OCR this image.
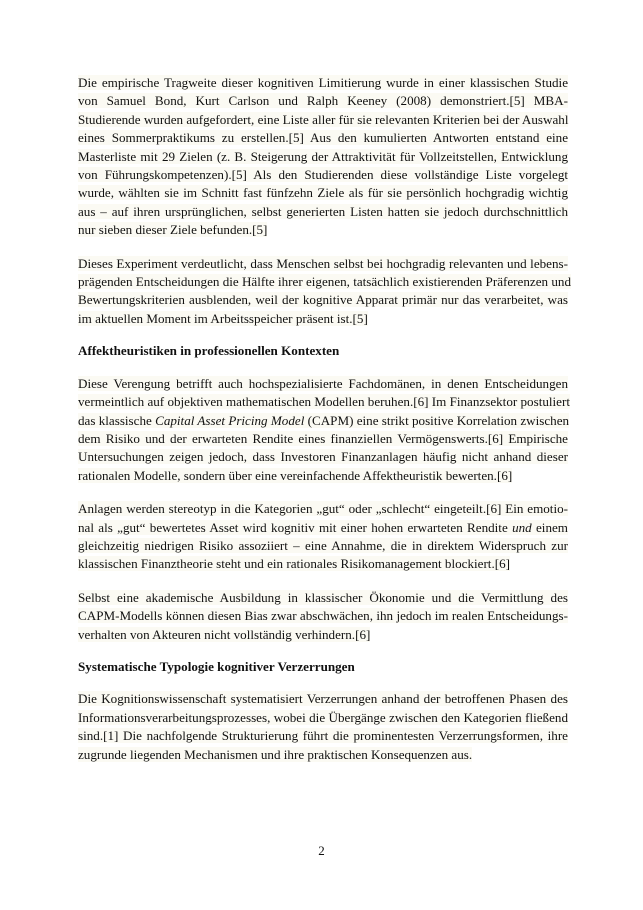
Die empirische Tragweite dieser kognitiven Limitierung wurde in einer klassischen Studie
von Samuel Bond, Kurt Carlson und Ralph Keeney (2008) demonstriert.[5] MBA-
Studierende wurden aufgefordert, eine Liste aller für sie relevanten Kriterien bei der Auswahl
eines Sommerpraktikums zu erstellen.[5] Aus den kumulierten Antworten entstand eine
Masterliste mit 29 Zielen (z. B. Steigerung der Attraktivität für Vollzeitstellen, Entwicklung
von Führungskompetenzen).[5] Als den Studierenden diese vollständige Liste vorgelegt
wurde, wählten sie im Schnitt fast fünfzehn Ziele als für sie persönlich hochgradig wichtig
aus – auf ihren ursprünglichen, selbst generierten Listen hatten sie jedoch durchschnittlich
nur sieben dieser Ziele befunden.[5]

Dieses Experiment verdeutlicht, dass Menschen selbst bei hochgradig relevanten und lebens-
prägenden Entscheidungen die Hälfte ihrer eigenen, tatsächlich existierenden Präferenzen und
Bewertungskriterien ausblenden, weil der kognitive Apparat primär nur das verarbeitet, was
im aktuellen Moment im Arbeitsspeicher präsent ist.[5]

Affektheuristiken in professionellen Kontexten

Diese Verengung betrifft auch hochspezialisierte Fachdomänen, in denen Entscheidungen
vermeintlich auf objektiven mathematischen Modellen beruhen.[6] Im Finanzsektor postuliert
das klassische Capital Asset Pricing Model (CAPM) eine strikt positive Korrelation zwischen
dem Risiko und der erwarteten Rendite eines finanziellen Vermögenswerts.[6] Empirische
Untersuchungen zeigen jedoch, dass Investoren Finanzanlagen häufig nicht anhand dieser
rationalen Modelle, sondern über eine vereinfachende Affektheuristik bewerten.[6]

Anlagen werden stereotyp in die Kategorien „gut“ oder „schlecht“ eingeteilt.[6] Ein emotio-
nal als „gut“ bewertetes Asset wird kognitiv mit einer hohen erwarteten Rendite und einem
gleichzeitig niedrigen Risiko assoziiert – eine Annahme, die in direktem Widerspruch zur
klassischen Finanztheorie steht und ein rationales Risikomanagement blockiert.[6]

Selbst eine akademische Ausbildung in klassischer Ökonomie und die Vermittlung des
CAPM-Modells können diesen Bias zwar abschwächen, ihn jedoch im realen Entscheidungs-
verhalten von Akteuren nicht vollständig verhindern.[6]

Systematische Typologie kognitiver Verzerrungen

Die Kognitionswissenschaft systematisiert Verzerrungen anhand der betroffenen Phasen des
Informationsverarbeitungsprozesses, wobei die Übergänge zwischen den Kategorien fließend
sind.[1] Die nachfolgende Strukturierung führt die prominentesten Verzerrungsformen, ihre
zugrunde liegenden Mechanismen und ihre praktischen Konsequenzen aus.

2
